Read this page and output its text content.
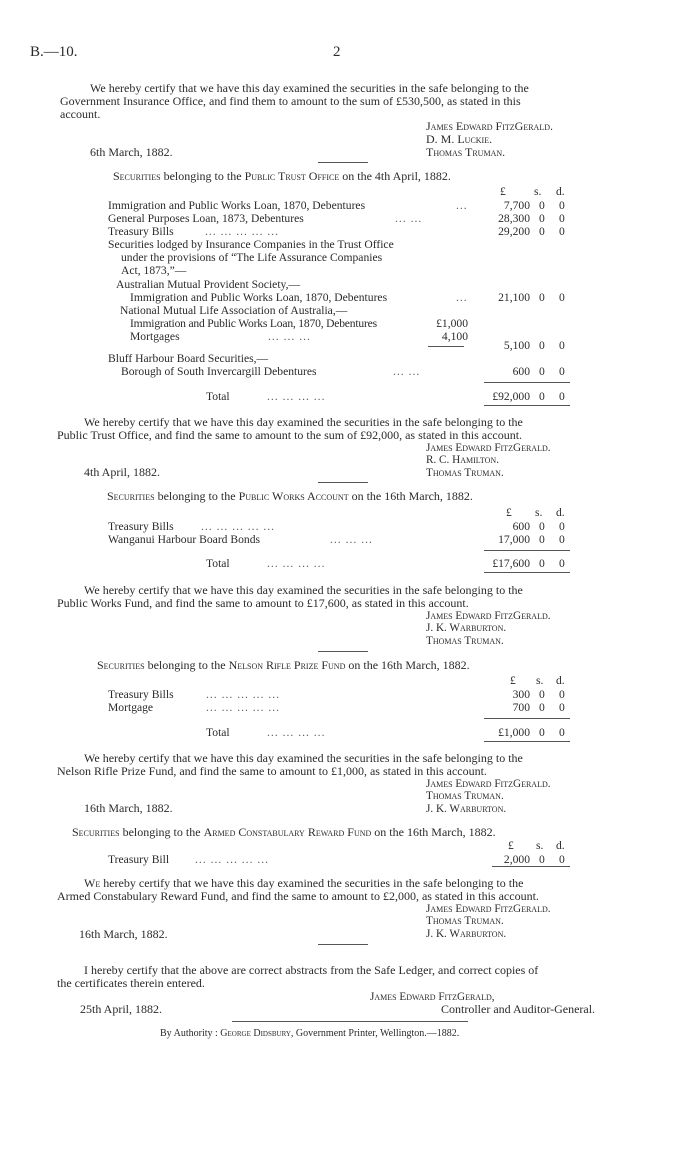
B.—10.	2
We hereby certify that we have this day examined the securities in the safe belonging to the
Government Insurance Office, and find them to amount to the sum of £530,500, as stated in this
account.
James Edward FitzGerald.
D. M. Luckie.
6th March, 1882.	Thomas Truman.
Securities belonging to the Public Trust Office on the 4th April, 1882.
£ s. d.
Immigration and Public Works Loan, 1870, Debentures	...	7,700 0 0
General Purposes Loan, 1873, Debentures	... ...	28,300 0 0
Treasury Bills	... ... ... ... ...	29,200 0 0
Securities lodged by Insurance Companies in the Trust Office
under the provisions of “The Life Assurance Companies
Act, 1873,”—
Australian Mutual Provident Society,—
Immigration and Public Works Loan, 1870, Debentures	...	21,100 0 0
National Mutual Life Association of Australia,—
Immigration and Public Works Loan, 1870, Debentures	£1,000
Mortgages	... ... ...	4,100
5,100 0 0
Bluff Harbour Board Securities,—
Borough of South Invercargill Debentures	... ...	600 0 0
Total	... ... ... ...	£92,000 0 0
We hereby certify that we have this day examined the securities in the safe belonging to the
Public Trust Office, and find the same to amount to the sum of £92,000, as stated in this account.
James Edward FitzGerald.
R. C. Hamilton.
4th April, 1882.	Thomas Truman.
Securities belonging to the Public Works Account on the 16th March, 1882.
£ s. d.
Treasury Bills ... ... ... ... ...	600 0 0
Wanganui Harbour Board Bonds	... ... ...	17,000 0 0
Total	... ... ... ...	£17,600 0 0
We hereby certify that we have this day examined the securities in the safe belonging to the
Public Works Fund, and find the same to amount to £17,600, as stated in this account.
James Edward FitzGerald.
J. K. Warburton.
Thomas Truman.
Securities belonging to the Nelson Rifle Prize Fund on the 16th March, 1882.
£ s. d.
Treasury Bills	... ... ... ... ...	300 0 0
Mortgage	... ... ... ... ...	700 0 0
Total	... ... ... ...	£1,000 0 0
We hereby certify that we have this day examined the securities in the safe belonging to the
Nelson Rifle Prize Fund, and find the same to amount to £1,000, as stated in this account.
James Edward FitzGerald.
Thomas Truman.
16th March, 1882.	J. K. Warburton.
Securities belonging to the Armed Constabulary Reward Fund on the 16th March, 1882.
£ s. d.
Treasury Bill ... ... ... ... ...	2,000 0 0
We hereby certify that we have this day examined the securities in the safe belonging to the
Armed Constabulary Reward Fund, and find the same to amount to £2,000, as stated in this account.
James Edward FitzGerald.
Thomas Truman.
16th March, 1882.	J. K. Warburton.
I hereby certify that the above are correct abstracts from the Safe Ledger, and correct copies of
the certificates therein entered.
James Edward FitzGerald,
25th April, 1882.	Controller and Auditor-General.
By Authority : George Didsbury, Government Printer, Wellington.—1882.
